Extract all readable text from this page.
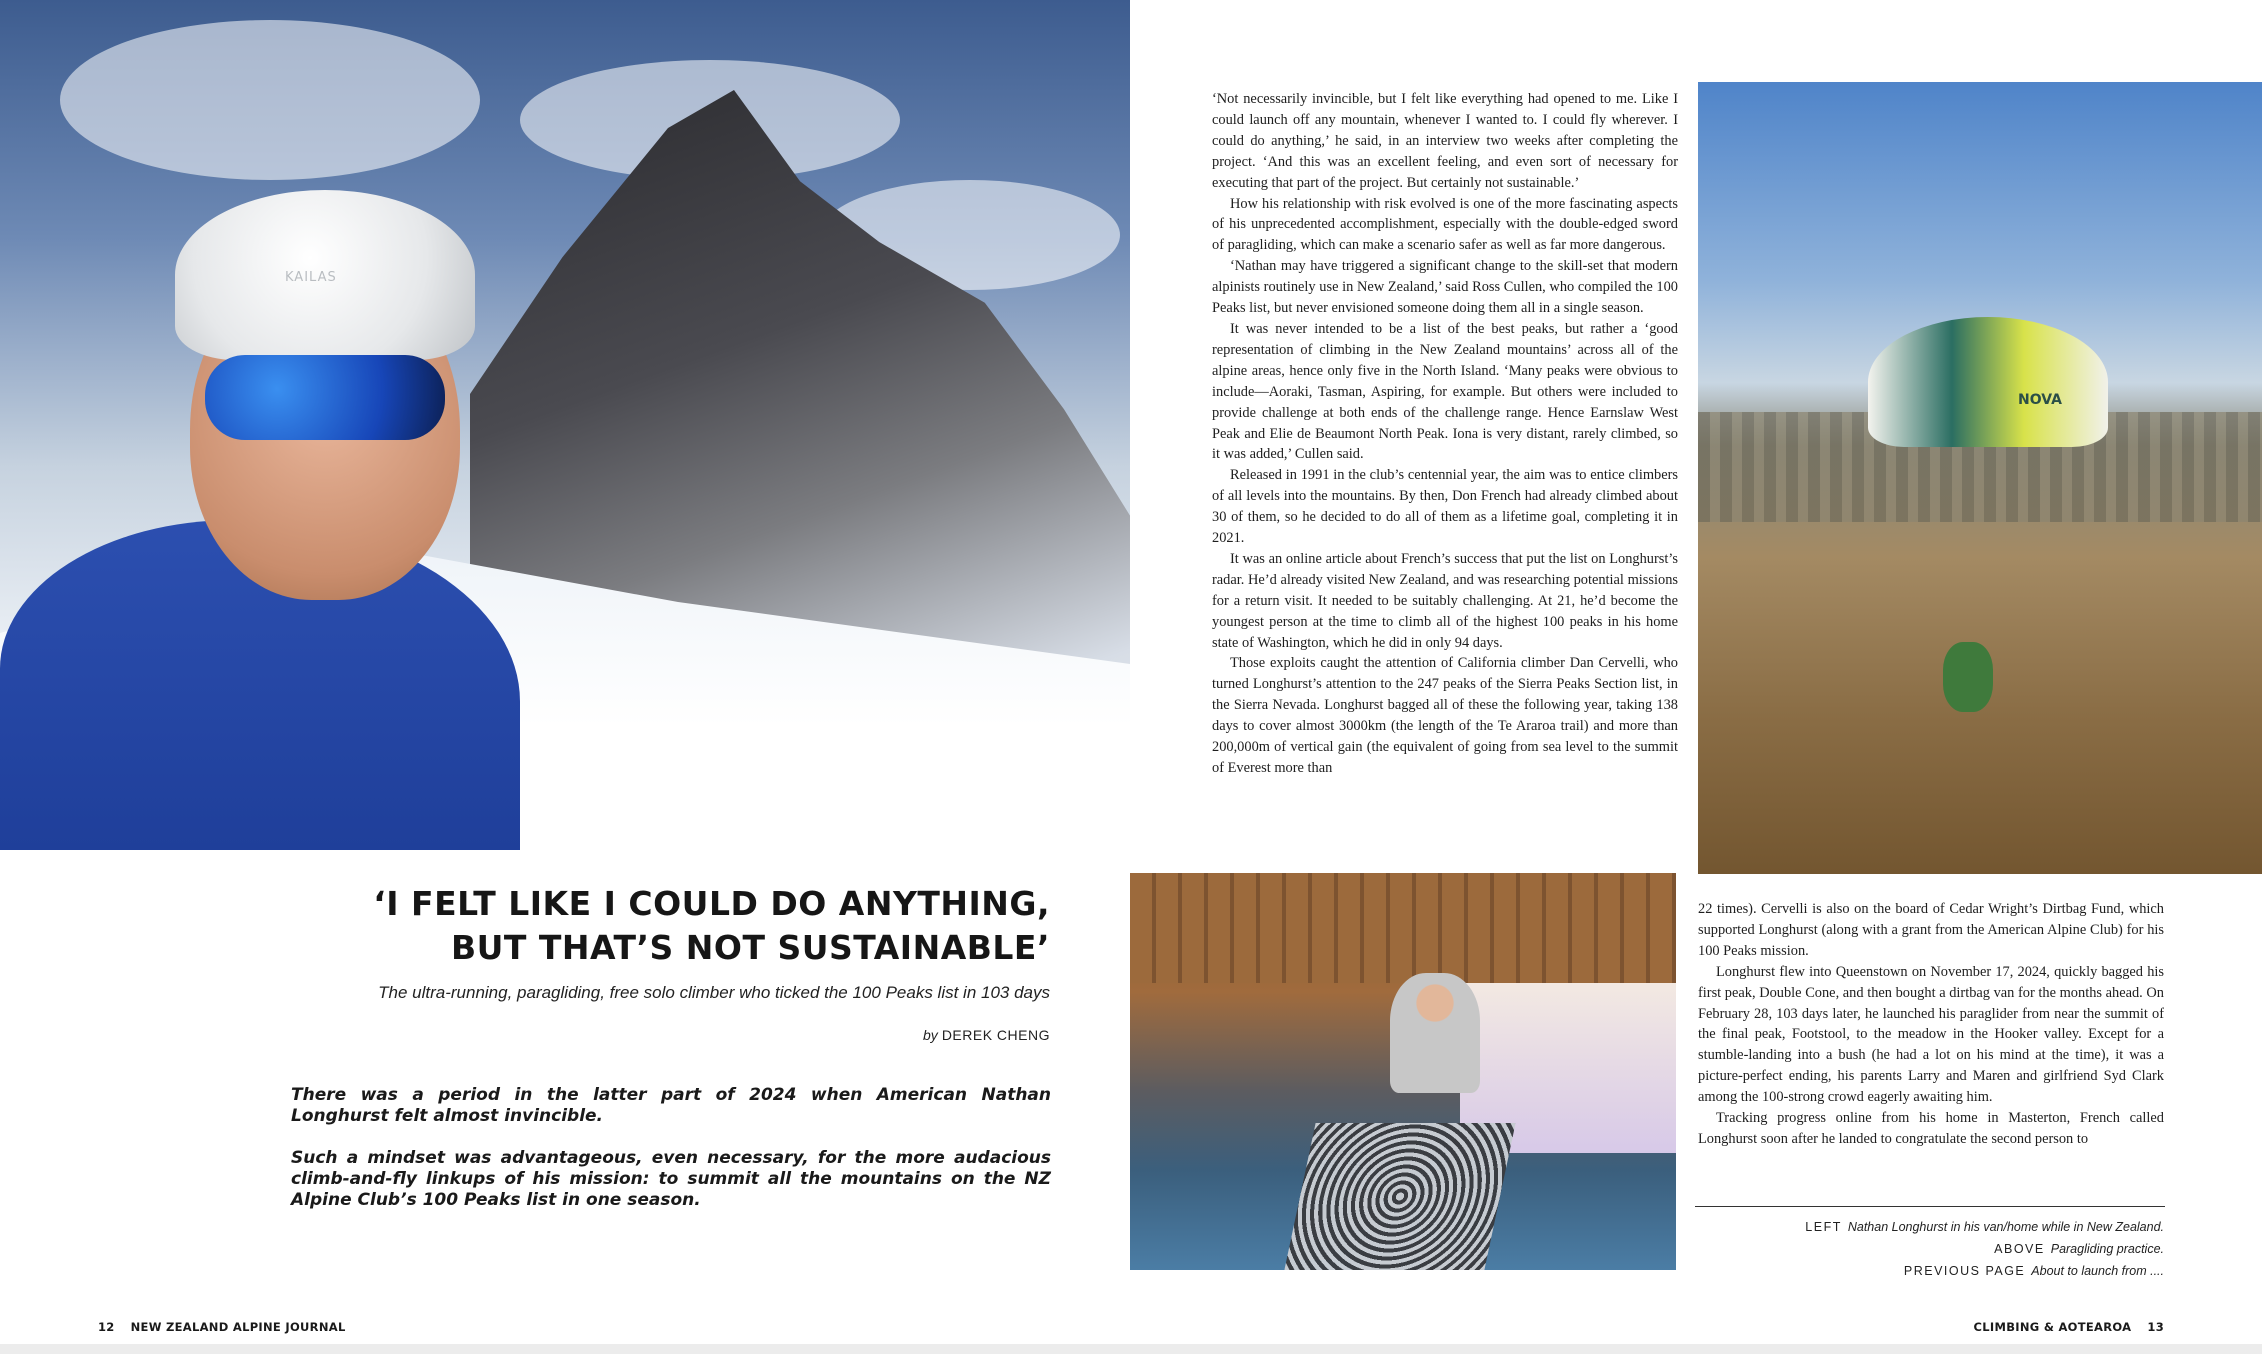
KAILAS
NOVA
‘I FELT LIKE I COULD DO ANYTHING,
BUT THAT’S NOT SUSTAINABLE’
The ultra-running, paragliding, free solo climber who ticked the 100 Peaks list in 103 days
by DEREK CHENG
There was a period in the latter part of 2024 when American Nathan Longhurst felt almost invincible.
Such a mindset was advantageous, even necessary, for the more audacious climb-and-fly linkups of his mission: to summit all the mountains on the NZ Alpine Club’s 100 Peaks list in one season.

‘Not necessarily invincible, but I felt like everything had opened to me. Like I could launch off any mountain, whenever I wanted to. I could fly wherever. I could do anything,’ he said, in an interview two weeks after completing the project. ‘And this was an excellent feeling, and even sort of necessary for executing that part of the project. But certainly not sustainable.’

How his relationship with risk evolved is one of the more fascinating aspects of his unprecedented accomplishment, especially with the double-edged sword of paragliding, which can make a scenario safer as well as far more dangerous.

‘Nathan may have triggered a significant change to the skill-set that modern alpinists routinely use in New Zealand,’ said Ross Cullen, who compiled the 100 Peaks list, but never envisioned someone doing them all in a single season.

It was never intended to be a list of the best peaks, but rather a ‘good representation of climbing in the New Zealand mountains’ across all of the alpine areas, hence only five in the North Island. ‘Many peaks were obvious to include—Aoraki, Tasman, Aspiring, for example. But others were included to provide challenge at both ends of the challenge range. Hence Earnslaw West Peak and Elie de Beaumont North Peak. Iona is very distant, rarely climbed, so it was added,’ Cullen said.

Released in 1991 in the club’s centennial year, the aim was to entice climbers of all levels into the mountains. By then, Don French had already climbed about 30 of them, so he decided to do all of them as a lifetime goal, completing it in 2021.

It was an online article about French’s success that put the list on Longhurst’s radar. He’d already visited New Zealand, and was researching potential missions for a return visit. It needed to be suitably challenging. At 21, he’d become the youngest person at the time to climb all of the highest 100 peaks in his home state of Washington, which he did in only 94 days.

Those exploits caught the attention of California climber Dan Cervelli, who turned Longhurst’s attention to the 247 peaks of the Sierra Peaks Section list, in the Sierra Nevada. Longhurst bagged all of these the following year, taking 138 days to cover almost 3000km (the length of the Te Araroa trail) and more than 200,000m of vertical gain (the equivalent of going from sea level to the summit of Everest more than

22 times). Cervelli is also on the board of Cedar Wright’s Dirtbag Fund, which supported Longhurst (along with a grant from the American Alpine Club) for his 100 Peaks mission.

Longhurst flew into Queenstown on November 17, 2024, quickly bagged his first peak, Double Cone, and then bought a dirtbag van for the months ahead. On February 28, 103 days later, he launched his paraglider from near the summit of the final peak, Footstool, to the meadow in the Hooker valley. Except for a stumble-landing into a bush (he had a lot on his mind at the time), it was a picture-perfect ending, his parents Larry and Maren and girlfriend Syd Clark among the 100-strong crowd eagerly awaiting him.

Tracking progress online from his home in Masterton, French called Longhurst soon after he landed to congratulate the second person to

LEFT Nathan Longhurst in his van/home while in New Zealand.
ABOVE Paragliding practice.
PREVIOUS PAGE About to launch from ....
12 NEW ZEALAND ALPINE JOURNAL	CLIMBING & AOTEAROA 13
